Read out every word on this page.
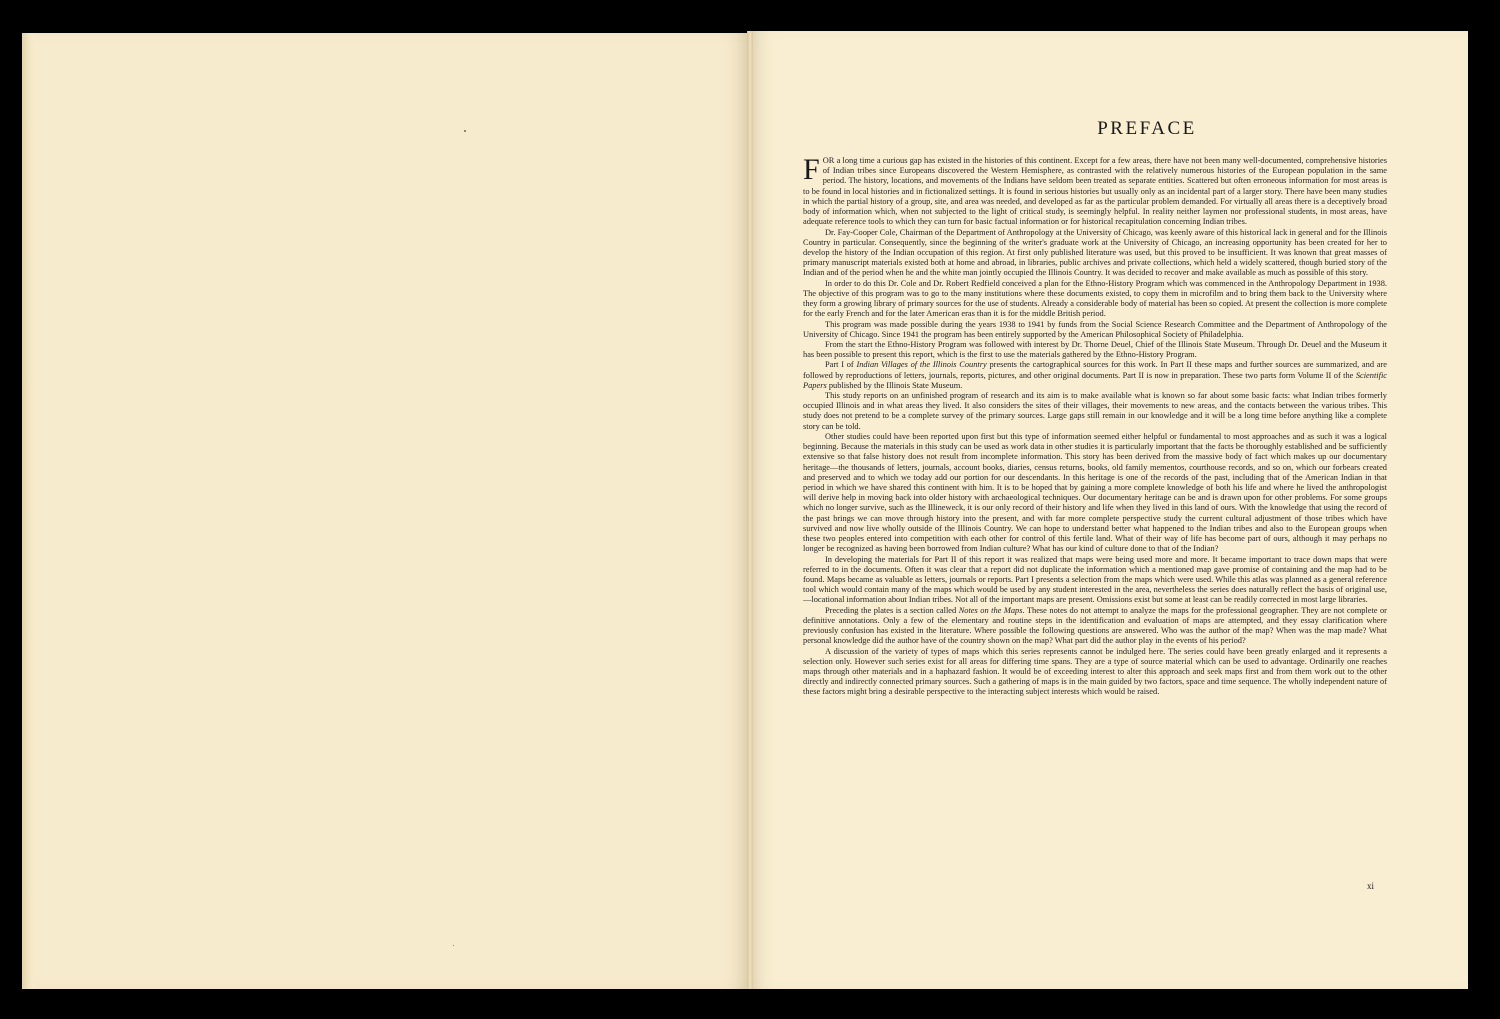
PREFACE

FOR a long time a curious gap has existed in the histories of this continent. Except for a few areas, there have not been many well-documented, comprehensive histories of Indian tribes since Europeans discovered the Western Hemisphere, as contrasted with the relatively numerous histories of the European population in the same period. The history, locations, and movements of the Indians have seldom been treated as separate entities. Scattered but often erroneous information for most areas is to be found in local histories and in fictionalized settings. It is found in serious histories but usually only as an incidental part of a larger story. There have been many studies in which the partial history of a group, site, and area was needed, and developed as far as the particular problem demanded. For virtually all areas there is a deceptively broad body of information which, when not subjected to the light of critical study, is seemingly helpful. In reality neither laymen nor professional students, in most areas, have adequate reference tools to which they can turn for basic factual information or for historical recapitulation concerning Indian tribes.

Dr. Fay-Cooper Cole, Chairman of the Department of Anthropology at the University of Chicago, was keenly aware of this historical lack in general and for the Illinois Country in particular. Consequently, since the beginning of the writer's graduate work at the University of Chicago, an increasing opportunity has been created for her to develop the history of the Indian occupation of this region. At first only published literature was used, but this proved to be insufficient. It was known that great masses of primary manuscript materials existed both at home and abroad, in libraries, public archives and private collections, which held a widely scattered, though buried story of the Indian and of the period when he and the white man jointly occupied the Illinois Country. It was decided to recover and make available as much as possible of this story.

In order to do this Dr. Cole and Dr. Robert Redfield conceived a plan for the Ethno-History Program which was commenced in the Anthropology Department in 1938. The objective of this program was to go to the many institutions where these documents existed, to copy them in microfilm and to bring them back to the University where they form a growing library of primary sources for the use of students. Already a considerable body of material has been so copied. At present the collection is more complete for the early French and for the later American eras than it is for the middle British period.

This program was made possible during the years 1938 to 1941 by funds from the Social Science Research Committee and the Department of Anthropology of the University of Chicago. Since 1941 the program has been entirely supported by the American Philosophical Society of Philadelphia.

From the start the Ethno-History Program was followed with interest by Dr. Thorne Deuel, Chief of the Illinois State Museum. Through Dr. Deuel and the Museum it has been possible to present this report, which is the first to use the materials gathered by the Ethno-History Program.

Part I of Indian Villages of the Illinois Country presents the cartographical sources for this work. In Part II these maps and further sources are summarized, and are followed by reproductions of letters, journals, reports, pictures, and other original documents. Part II is now in preparation. These two parts form Volume II of the Scientific Papers published by the Illinois State Museum.

This study reports on an unfinished program of research and its aim is to make available what is known so far about some basic facts: what Indian tribes formerly occupied Illinois and in what areas they lived. It also considers the sites of their villages, their movements to new areas, and the contacts between the various tribes. This study does not pretend to be a complete survey of the primary sources. Large gaps still remain in our knowledge and it will be a long time before anything like a complete story can be told.

Other studies could have been reported upon first but this type of information seemed either helpful or fundamental to most approaches and as such it was a logical beginning. Because the materials in this study can be used as work data in other studies it is particularly important that the facts be thoroughly established and be sufficiently extensive so that false history does not result from incomplete information. This story has been derived from the massive body of fact which makes up our documentary heritage—the thousands of letters, journals, account books, diaries, census returns, books, old family mementos, courthouse records, and so on, which our forbears created and preserved and to which we today add our portion for our descendants. In this heritage is one of the records of the past, including that of the American Indian in that period in which we have shared this continent with him. It is to be hoped that by gaining a more complete knowledge of both his life and where he lived the anthropologist will derive help in moving back into older history with archaeological techniques. Our documentary heritage can be and is drawn upon for other problems. For some groups which no longer survive, such as the Illineweck, it is our only record of their history and life when they lived in this land of ours. With the knowledge that using the record of the past brings we can move through history into the present, and with far more complete perspective study the current cultural adjustment of those tribes which have survived and now live wholly outside of the Illinois Country. We can hope to understand better what happened to the Indian tribes and also to the European groups when these two peoples entered into competition with each other for control of this fertile land. What of their way of life has become part of ours, although it may perhaps no longer be recognized as having been borrowed from Indian culture? What has our kind of culture done to that of the Indian?

In developing the materials for Part II of this report it was realized that maps were being used more and more. It became important to trace down maps that were referred to in the documents. Often it was clear that a report did not duplicate the information which a mentioned map gave promise of containing and the map had to be found. Maps became as valuable as letters, journals or reports. Part I presents a selection from the maps which were used. While this atlas was planned as a general reference tool which would contain many of the maps which would be used by any student interested in the area, nevertheless the series does naturally reflect the basis of original use,—locational information about Indian tribes. Not all of the important maps are present. Omissions exist but some at least can be readily corrected in most large libraries.

Preceding the plates is a section called Notes on the Maps. These notes do not attempt to analyze the maps for the professional geographer. They are not complete or definitive annotations. Only a few of the elementary and routine steps in the identification and evaluation of maps are attempted, and they essay clarification where previously confusion has existed in the literature. Where possible the following questions are answered. Who was the author of the map? When was the map made? What personal knowledge did the author have of the country shown on the map? What part did the author play in the events of his period?

A discussion of the variety of types of maps which this series represents cannot be indulged here. The series could have been greatly enlarged and it represents a selection only. However such series exist for all areas for differing time spans. They are a type of source material which can be used to advantage. Ordinarily one reaches maps through other materials and in a haphazard fashion. It would be of exceeding interest to alter this approach and seek maps first and from them work out to the other directly and indirectly connected primary sources. Such a gathering of maps is in the main guided by two factors, space and time sequence. The wholly independent nature of these factors might bring a desirable perspective to the interacting subject interests which would be raised.

xi
